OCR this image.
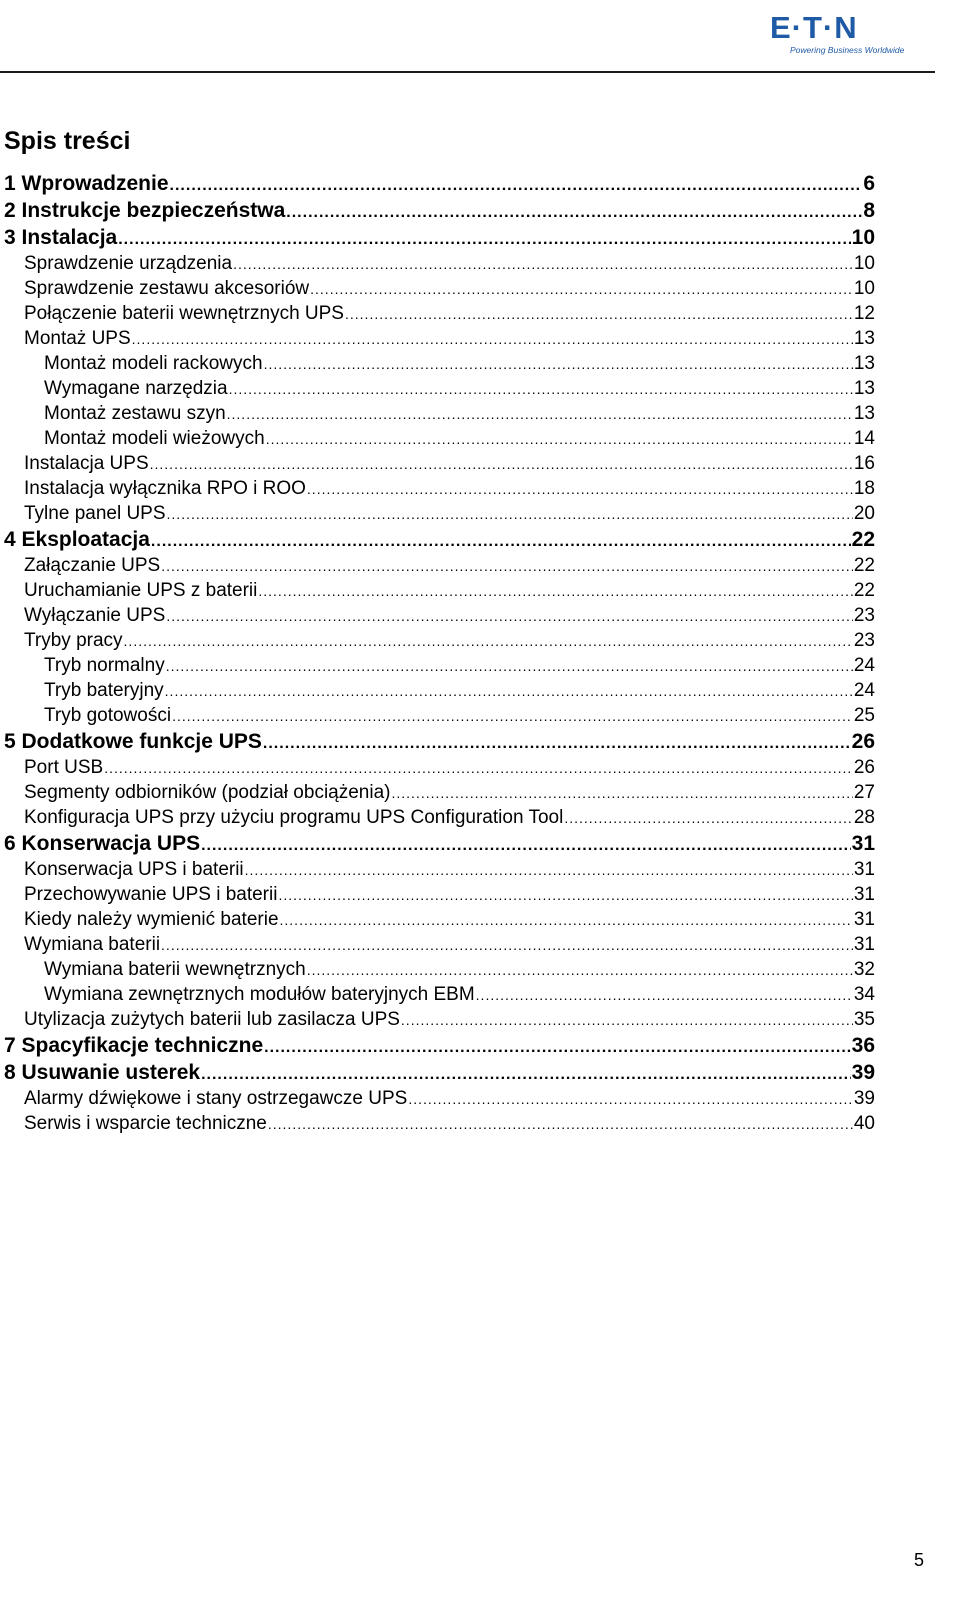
E·T·N
Powering Business Worldwide
Spis treści
1 Wprowadzenie .....	6
2 Instrukcje bezpieczeństwa .....	8
3 Instalacja .....	10
Sprawdzenie urządzenia .....	10
Sprawdzenie zestawu akcesoriów .....	10
Połączenie baterii wewnętrznych UPS .....	12
Montaż UPS .....	13
Montaż modeli rackowych .....	13
Wymagane narzędzia .....	13
Montaż zestawu szyn .....	13
Montaż modeli wieżowych .....	14
Instalacja UPS .....	16
Instalacja wyłącznika RPO i ROO .....	18
Tylne panel UPS .....	20
4 Eksploatacja .....	22
Załączanie UPS .....	22
Uruchamianie UPS z baterii .....	22
Wyłączanie UPS .....	23
Tryby pracy .....	23
Tryb normalny .....	24
Tryb bateryjny .....	24
Tryb gotowości .....	25
5 Dodatkowe funkcje UPS .....	26
Port USB .....	26
Segmenty odbiorników (podział obciążenia) .....	27
Konfiguracja UPS przy użyciu programu UPS Configuration Tool .....	28
6 Konserwacja UPS .....	31
Konserwacja UPS i baterii .....	31
Przechowywanie UPS i baterii .....	31
Kiedy należy wymienić baterie .....	31
Wymiana baterii .....	31
Wymiana baterii wewnętrznych .....	32
Wymiana zewnętrznych modułów bateryjnych EBM .....	34
Utylizacja zużytych baterii lub zasilacza UPS .....	35
7 Spacyfikacje techniczne .....	36
8 Usuwanie usterek .....	39
Alarmy dźwiękowe i stany ostrzegawcze UPS .....	39
Serwis i wsparcie techniczne .....	40
5
